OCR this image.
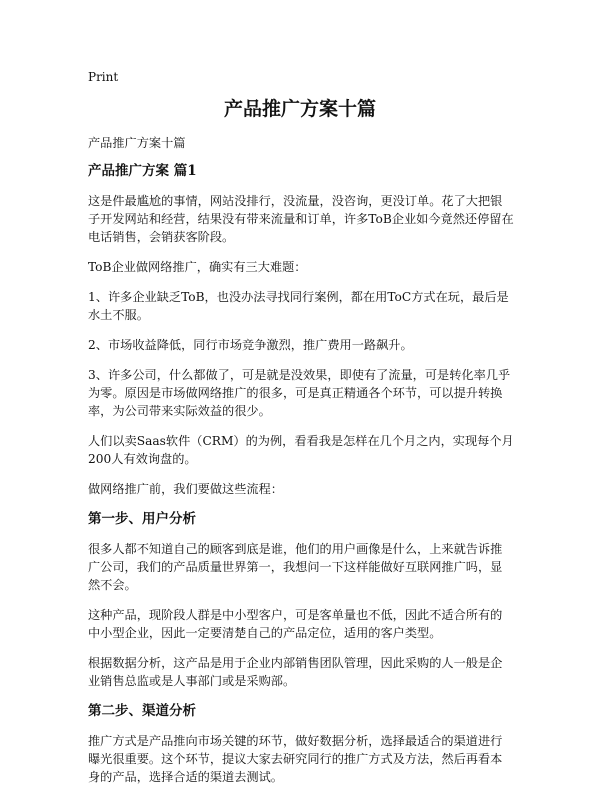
Print
产品推广方案十篇

产品推广方案十篇

产品推广方案 篇1

这是件最尴尬的事情，网站没排行，没流量，没咨询，更没订单。花了大把银子开发网站和经营，结果没有带来流量和订单，许多ToB企业如今竟然还停留在电话销售，会销获客阶段。

ToB企业做网络推广，确实有三大难题：

1、许多企业缺乏ToB，也没办法寻找同行案例，都在用ToC方式在玩，最后是水土不服。

2、市场收益降低，同行市场竞争激烈，推广费用一路飙升。

3、许多公司，什么都做了，可是就是没效果，即使有了流量，可是转化率几乎为零。原因是市场做网络推广的很多，可是真正精通各个环节，可以提升转换率，为公司带来实际效益的很少。

人们以卖Saas软件（CRM）的为例，看看我是怎样在几个月之内，实现每个月200人有效询盘的。

做网络推广前，我们要做这些流程：

第一步、用户分析

很多人都不知道自己的顾客到底是谁，他们的用户画像是什么，上来就告诉推广公司，我们的产品质量世界第一，我想问一下这样能做好互联网推广吗，显然不会。

这种产品，现阶段人群是中小型客户，可是客单量也不低，因此不适合所有的中小型企业，因此一定要清楚自己的产品定位，适用的客户类型。

根据数据分析，这产品是用于企业内部销售团队管理，因此采购的人一般是企业销售总监或是人事部门或是采购部。

第二步、渠道分析

推广方式是产品推向市场关键的环节，做好数据分析，选择最适合的渠道进行曝光很重要。这个环节，提议大家去研究同行的推广方式及方法，然后再看本身的产品，选择合适的渠道去测试。
